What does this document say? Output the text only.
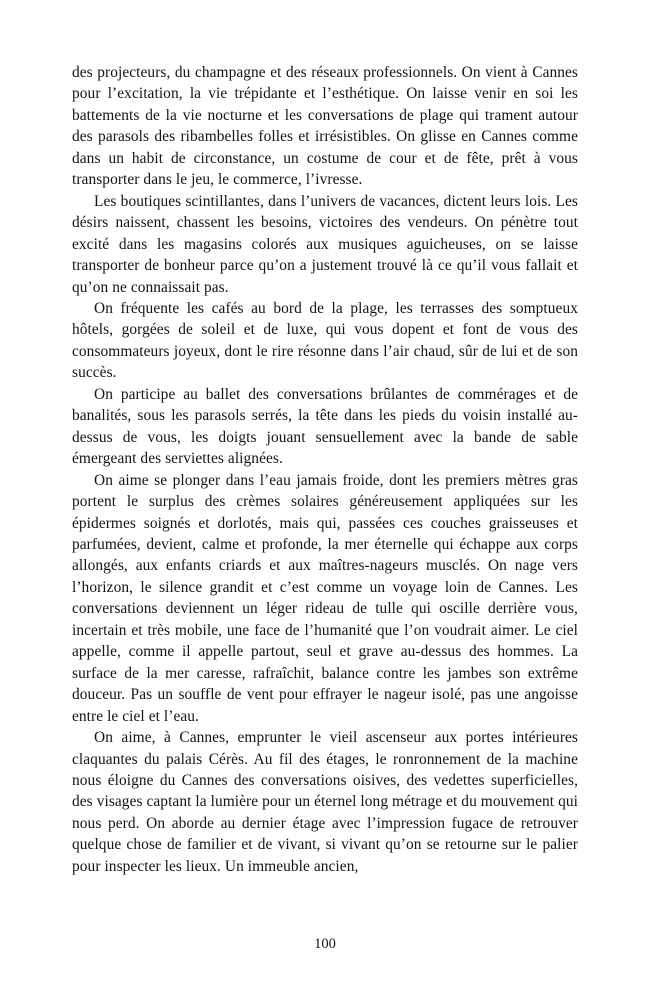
des projecteurs, du champagne et des réseaux professionnels. On vient à Cannes pour l’excitation, la vie trépidante et l’esthétique. On laisse venir en soi les battements de la vie nocturne et les conversations de plage qui trament autour des parasols des ribambelles folles et irrésistibles. On glisse en Cannes comme dans un habit de circonstance, un costume de cour et de fête, prêt à vous transporter dans le jeu, le commerce, l’ivresse.

Les boutiques scintillantes, dans l’univers de vacances, dictent leurs lois. Les désirs naissent, chassent les besoins, victoires des vendeurs. On pénètre tout excité dans les magasins colorés aux musiques aguicheuses, on se laisse transporter de bonheur parce qu’on a justement trouvé là ce qu’il vous fallait et qu’on ne connaissait pas.

On fréquente les cafés au bord de la plage, les terrasses des somptueux hôtels, gorgées de soleil et de luxe, qui vous dopent et font de vous des consommateurs joyeux, dont le rire résonne dans l’air chaud, sûr de lui et de son succès.

On participe au ballet des conversations brûlantes de commérages et de banalités, sous les parasols serrés, la tête dans les pieds du voisin installé au-dessus de vous, les doigts jouant sensuellement avec la bande de sable émergeant des serviettes alignées.

On aime se plonger dans l’eau jamais froide, dont les premiers mètres gras portent le surplus des crèmes solaires généreusement appliquées sur les épidermes soignés et dorlotés, mais qui, passées ces couches graisseuses et parfumées, devient, calme et profonde, la mer éternelle qui échappe aux corps allongés, aux enfants criards et aux maîtres-nageurs musclés. On nage vers l’horizon, le silence grandit et c’est comme un voyage loin de Cannes. Les conversations deviennent un léger rideau de tulle qui oscille derrière vous, incertain et très mobile, une face de l’humanité que l’on voudrait aimer. Le ciel appelle, comme il appelle partout, seul et grave au-dessus des hommes. La surface de la mer caresse, rafraîchit, balance contre les jambes son extrême douceur. Pas un souffle de vent pour effrayer le nageur isolé, pas une angoisse entre le ciel et l’eau.

On aime, à Cannes, emprunter le vieil ascenseur aux portes intérieures claquantes du palais Cérès. Au fil des étages, le ronronnement de la machine nous éloigne du Cannes des conversations oisives, des vedettes superficielles, des visages captant la lumière pour un éternel long métrage et du mouvement qui nous perd. On aborde au dernier étage avec l’impression fugace de retrouver quelque chose de familier et de vivant, si vivant qu’on se retourne sur le palier pour inspecter les lieux. Un immeuble ancien,

100
